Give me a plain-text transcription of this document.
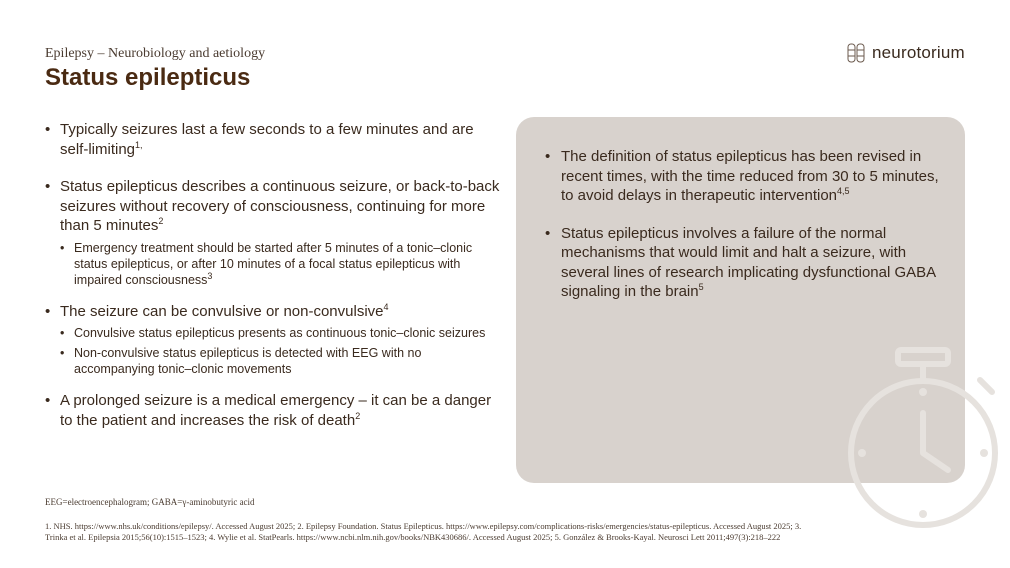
Epilepsy – Neurobiology and aetiology
Status epilepticus
neurotorium
• Typically seizures last a few seconds to a few minutes and are self-limiting$^{1,}$
• Status epilepticus describes a continuous seizure, or back-to-back seizures without recovery of consciousness, continuing for more than 5 minutes$^2$
• Emergency treatment should be started after 5 minutes of a tonic–clonic status epilepticus, or after 10 minutes of a focal status epilepticus with impaired consciousness$^3$
• The seizure can be convulsive or non-convulsive$^4$
• Convulsive status epilepticus presents as continuous tonic–clonic seizures
• Non-convulsive status epilepticus is detected with EEG with no accompanying tonic–clonic movements
• A prolonged seizure is a medical emergency – it can be a danger to the patient and increases the risk of death$^2$
• The definition of status epilepticus has been revised in recent times, with the time reduced from 30 to 5 minutes, to avoid delays in therapeutic intervention$^{4,5}$
• Status epilepticus involves a failure of the normal mechanisms that would limit and halt a seizure, with several lines of research implicating dysfunctional GABA signaling in the brain$^5$
EEG=electroencephalogram; GABA=γ-aminobutyric acid
1. NHS. https://www.nhs.uk/conditions/epilepsy/. Accessed August 2025; 2. Epilepsy Foundation. Status Epilepticus. https://www.epilepsy.com/complications-risks/emergencies/status-epilepticus. Accessed August 2025; 3. Trinka et al. Epilepsia 2015;56(10):1515–1523; 4. Wylie et al. StatPearls. https://www.ncbi.nlm.nih.gov/books/NBK430686/. Accessed August 2025; 5. González & Brooks-Kayal. Neurosci Lett 2011;497(3):218–222
